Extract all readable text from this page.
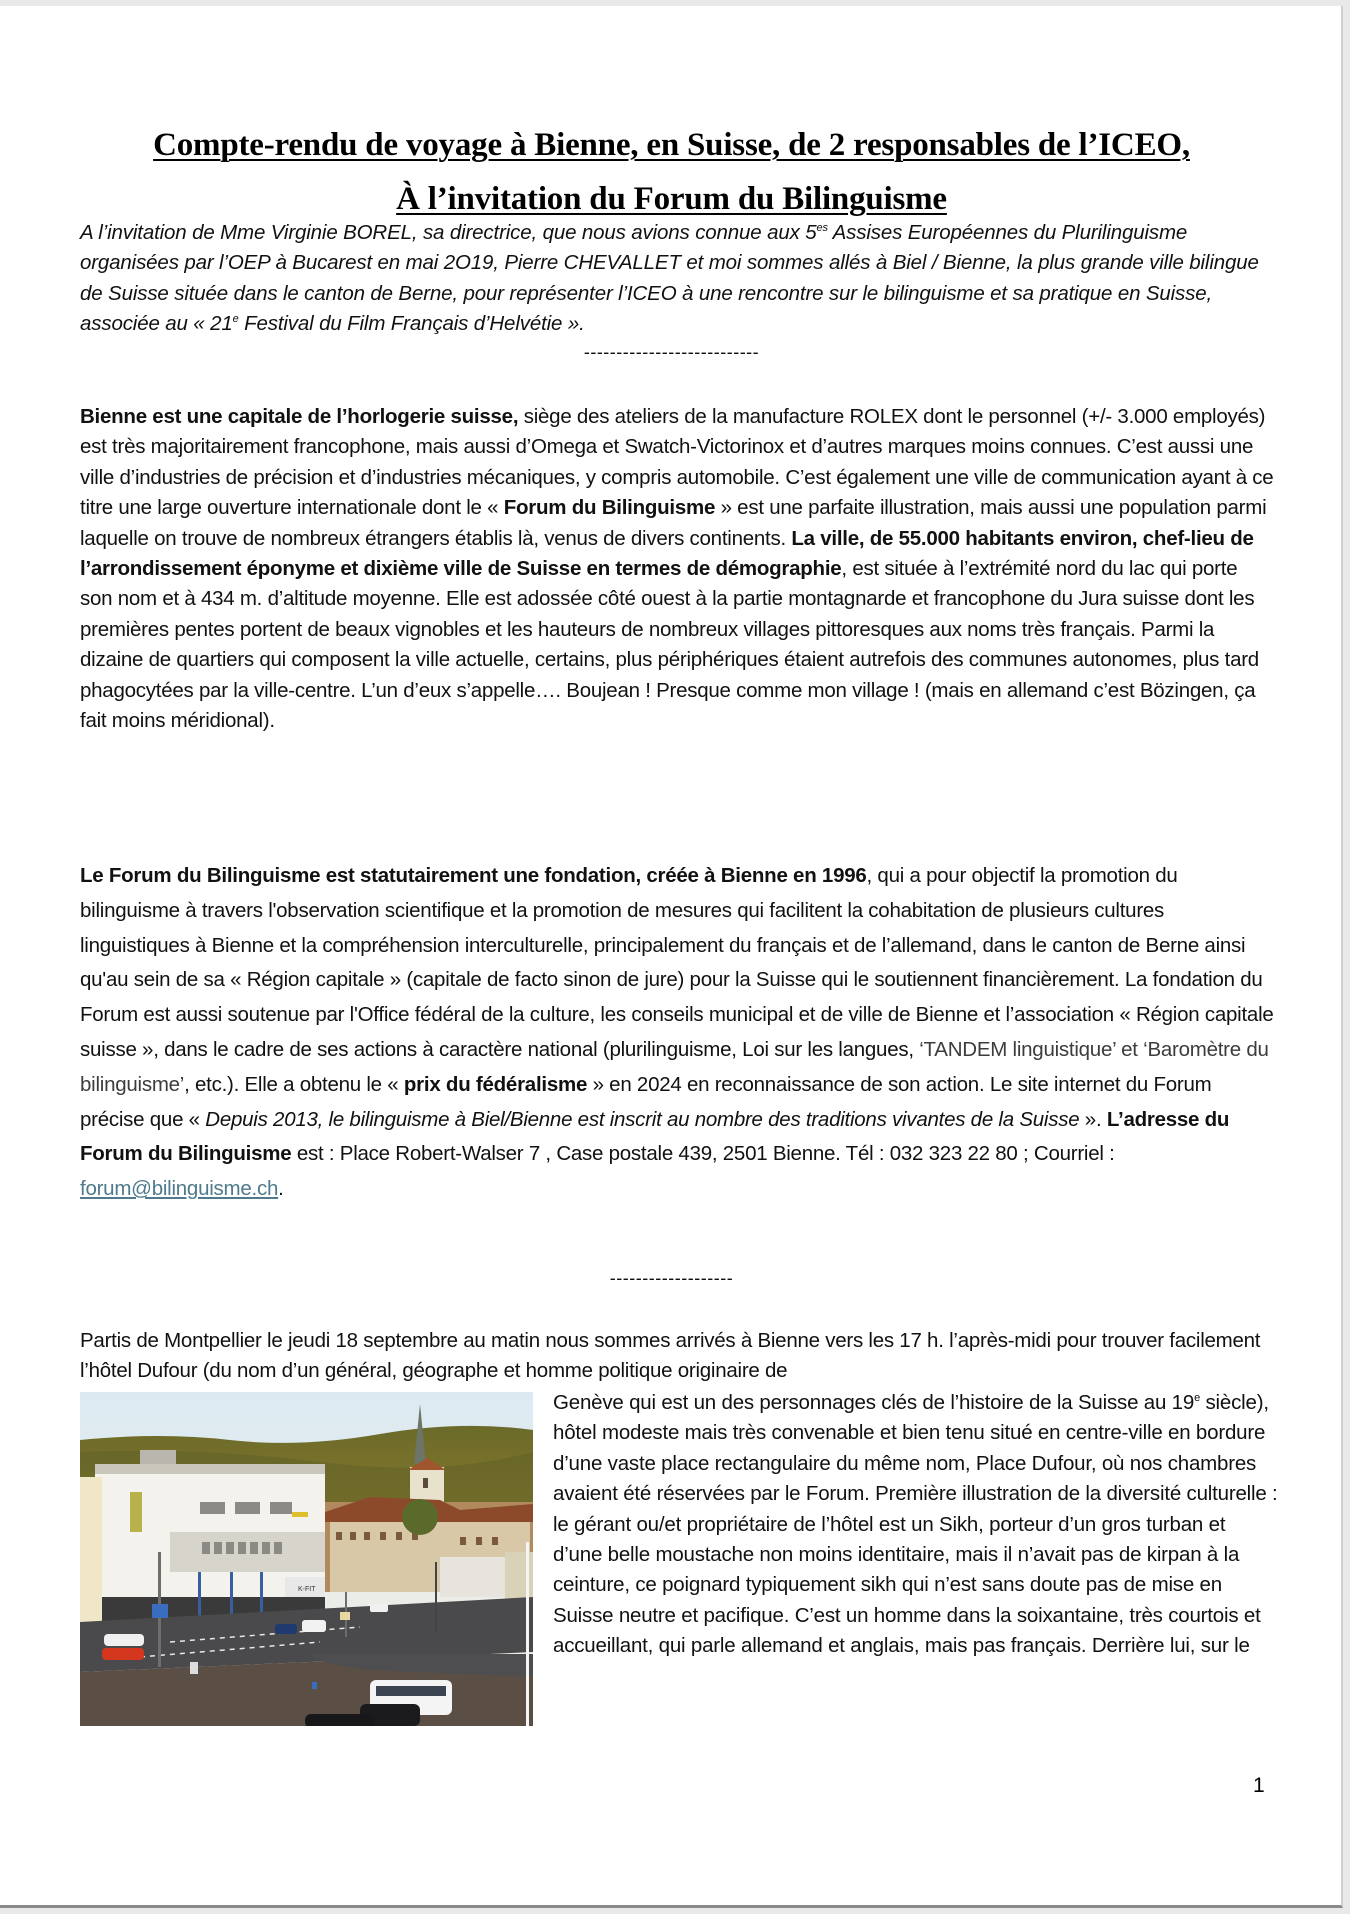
Compte-rendu de voyage à Bienne, en Suisse, de 2 responsables de l’ICEO,
À l’invitation du Forum du Bilinguisme
A l’invitation de Mme Virginie BOREL, sa directrice, que nous avions connue aux $5^{es}$ Assises Européennes du Plurilinguisme organisées par l’OEP à Bucarest en mai 2O19, Pierre CHEVALLET et moi sommes allés à Biel / Bienne, la plus grande ville bilingue de Suisse située dans le canton de Berne, pour représenter l’ICEO à une rencontre sur le bilinguisme et sa pratique en Suisse, associée au « 21e Festival du Film Français d’Helvétie ».
---------------------------
Bienne est une capitale de l’horlogerie suisse, siège des ateliers de la manufacture ROLEX dont le personnel (+/- 3.000 employés) est très majoritairement francophone, mais aussi d’Omega et Swatch-Victorinox et d’autres marques moins connues. C’est aussi une ville d’industries de précision et d’industries mécaniques, y compris automobile. C’est également une ville de communication ayant à ce titre une large ouverture internationale dont le « Forum du Bilinguisme » est une parfaite illustration, mais aussi une population parmi laquelle on trouve de nombreux étrangers établis là, venus de divers continents. La ville, de 55.000 habitants environ, chef-lieu de l’arrondissement éponyme et dixième ville de Suisse en termes de démographie, est située à l’extrémité nord du lac qui porte son nom et à 434 m. d’altitude moyenne. Elle est adossée côté ouest à la partie montagnarde et francophone du Jura suisse dont les premières pentes portent de beaux vignobles et les hauteurs de nombreux villages pittoresques aux noms très français. Parmi la dizaine de quartiers qui composent la ville actuelle, certains, plus périphériques étaient autrefois des communes autonomes, plus tard phagocytées par la ville-centre. L’un d’eux s’appelle…. Boujean ! Presque comme mon village ! (mais en allemand c’est Bözingen, ça fait moins méridional).
Le Forum du Bilinguisme est statutairement une fondation, créée à Bienne en 1996, qui a pour objectif la promotion du bilinguisme à travers l'observation scientifique et la promotion de mesures qui facilitent la cohabitation de plusieurs cultures linguistiques à Bienne et la compréhension interculturelle, principalement du français et de l’allemand, dans le canton de Berne ainsi qu'au sein de sa « Région capitale » (capitale de facto sinon de jure) pour la Suisse qui le soutiennent financièrement. La fondation du Forum est aussi soutenue par l'Office fédéral de la culture, les conseils municipal et de ville de Bienne et l’association « Région capitale suisse », dans le cadre de ses actions à caractère national (plurilinguisme, Loi sur les langues, ‘TANDEM linguistique’ et ‘Baromètre du bilinguisme’, etc.). Elle a obtenu le « prix du fédéralisme » en 2024 en reconnaissance de son action. Le site internet du Forum précise que « Depuis 2013, le bilinguisme à Biel/Bienne est inscrit au nombre des traditions vivantes de la Suisse ». L’adresse du Forum du Bilinguisme est : Place Robert-Walser 7 , Case postale 439, 2501 Bienne. Tél : 032 323 22 80 ; Courriel : forum@bilinguisme.ch.
-------------------
Partis de Montpellier le jeudi 18 septembre au matin nous sommes arrivés à Bienne vers les 17 h. l’après-midi pour trouver facilement l’hôtel Dufour (du nom d’un général, géographe et homme politique originaire de
K-FIT
Genève qui est un des personnages clés de l’histoire de la Suisse au 19e siècle), hôtel modeste mais très convenable et bien tenu situé en centre-ville en bordure d’une vaste place rectangulaire du même nom, Place Dufour, où nos chambres avaient été réservées par le Forum. Première illustration de la diversité culturelle : le gérant ou/et propriétaire de l’hôtel est un Sikh, porteur d’un gros turban et d’une belle moustache non moins identitaire, mais il n’avait pas de kirpan à la ceinture, ce poignard typiquement sikh qui n’est sans doute pas de mise en Suisse neutre et pacifique. C’est un homme dans la soixantaine, très courtois et accueillant, qui parle allemand et anglais, mais pas français. Derrière lui, sur le
1
